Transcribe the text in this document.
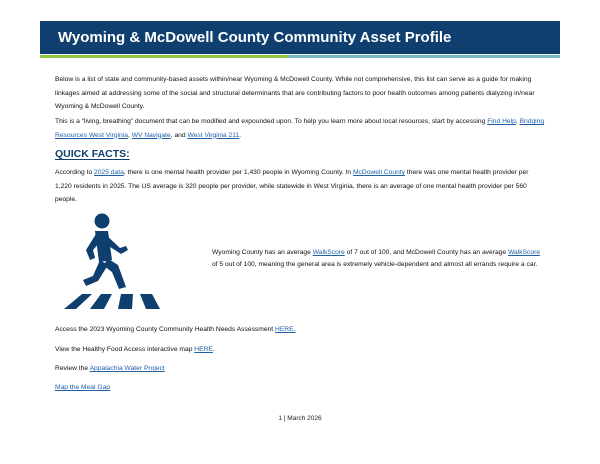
Wyoming & McDowell County Community Asset Profile

Below is a list of state and community-based assets within/near Wyoming & McDowell County. While not comprehensive, this list can serve as a guide for making linkages aimed at addressing some of the social and structural determinants that are contributing factors to poor health outcomes among patients dialyzing in/near Wyoming & McDowell County.

This is a “living, breathing” document that can be modified and expounded upon. To help you learn more about local resources, start by accessing Find Help, Bridging Resources West Virginia, WV Navigate, and West Virginia 211.

QUICK FACTS:

According to 2025 data, there is one mental health provider per 1,430 people in Wyoming County. In McDowell County there was one mental health provider per 1,220 residents in 2025. The US average is 320 people per provider, while statewide in West Virginia, there is an average of one mental health provider per 560 people.

Wyoming County has an average WalkScore of 7 out of 100, and McDowell County has an average WalkScore of 5 out of 100, meaning the general area is extremely vehicle-dependent and almost all errands require a car.

Access the 2023 Wyoming County Community Health Needs Assessment HERE.

View the Healthy Food Access interactive map HERE.

Review the Appalachia Water Project

Map the Meal Gap

1 | March 2026
